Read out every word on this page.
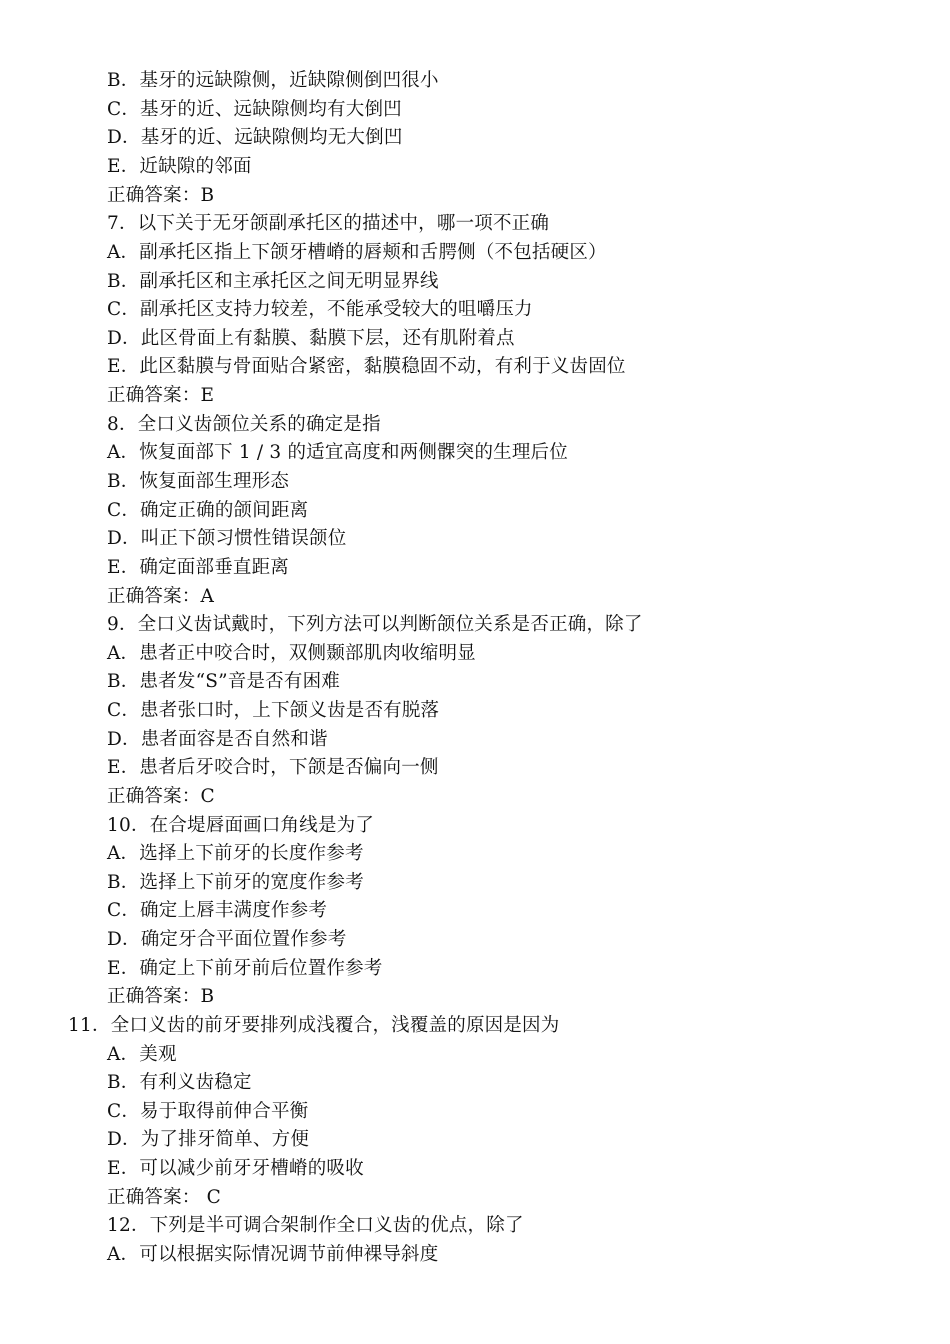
B．基牙的远缺隙侧，近缺隙侧倒凹很小
C．基牙的近、远缺隙侧均有大倒凹
D．基牙的近、远缺隙侧均无大倒凹
E．近缺隙的邻面
正确答案：B
7．以下关于无牙颌副承托区的描述中，哪一项不正确
A．副承托区指上下颌牙槽嵴的唇颊和舌腭侧（不包括硬区）
B．副承托区和主承托区之间无明显界线
C．副承托区支持力较差，不能承受较大的咀嚼压力
D．此区骨面上有黏膜、黏膜下层，还有肌附着点
E．此区黏膜与骨面贴合紧密，黏膜稳固不动，有利于义齿固位
正确答案：E
8．全口义齿颌位关系的确定是指
A．恢复面部下 1 / 3 的适宜高度和两侧髁突的生理后位
B．恢复面部生理形态
C．确定正确的颌间距离
D．叫正下颌习惯性错误颌位
E．确定面部垂直距离
正确答案：A
9．全口义齿试戴时，下列方法可以判断颌位关系是否正确，除了
A．患者正中咬合时，双侧颞部肌肉收缩明显
B．患者发“S”音是否有困难
C．患者张口时，上下颌义齿是否有脱落
D．患者面容是否自然和谐
E．患者后牙咬合时，下颌是否偏向一侧
正确答案：C
10．在合堤唇面画口角线是为了
A．选择上下前牙的长度作参考
B．选择上下前牙的宽度作参考
C．确定上唇丰满度作参考
D．确定牙合平面位置作参考
E．确定上下前牙前后位置作参考
正确答案：B
11．全口义齿的前牙要排列成浅覆合，浅覆盖的原因是因为
A．美观
B．有利义齿稳定
C．易于取得前伸合平衡
D．为了排牙简单、方便
E．可以减少前牙牙槽嵴的吸收
正确答案： C
12．下列是半可调合架制作全口义齿的优点，除了
A．可以根据实际情况调节前伸裸导斜度
